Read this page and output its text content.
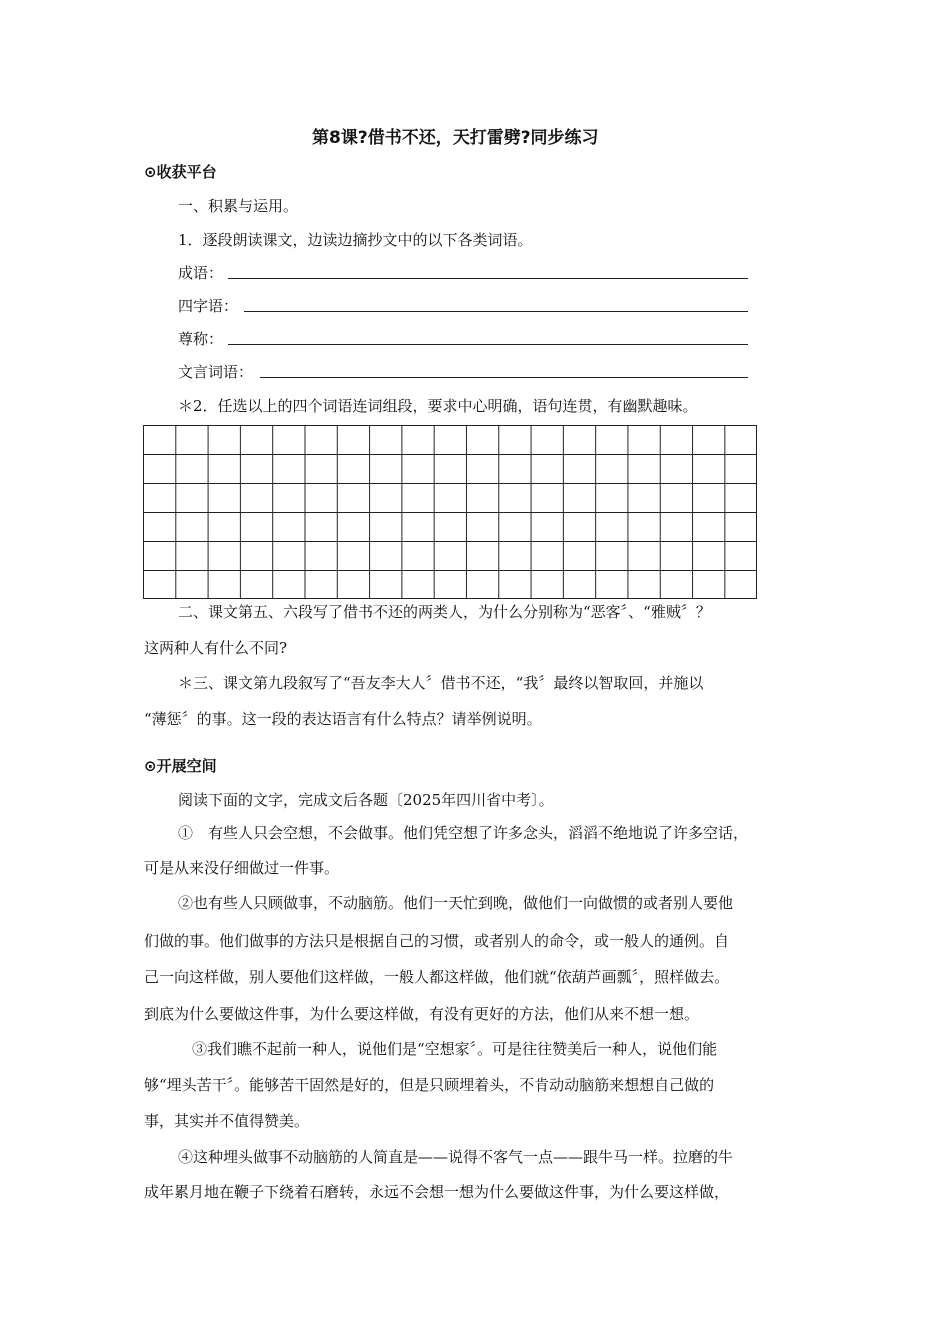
第8课?借书不还，天打雷劈?同步练习
⊙收获平台
一、积累与运用。
1．逐段朗读课文，边读边摘抄文中的以下各类词语。
成语：
四字语：
尊称：
文言词语：
＊2．任选以上的四个词语连词组段，要求中心明确，语句连贯，有幽默趣味。
二、课文第五、六段写了借书不还的两类人，为什么分别称为“恶客〞、“雅贼〞？
这两种人有什么不同?
＊三、课文第九段叙写了“吾友李大人〞借书不还，“我〞最终以智取回，并施以
“薄惩〞的事。这一段的表达语言有什么特点？请举例说明。
⊙开展空间
阅读下面的文字，完成文后各题〔2025年四川省中考〕。
①　有些人只会空想，不会做事。他们凭空想了许多念头，滔滔不绝地说了许多空话，
可是从来没仔细做过一件事。
②也有些人只顾做事，不动脑筋。他们一天忙到晚，做他们一向做惯的或者别人要他
们做的事。他们做事的方法只是根据自己的习惯，或者别人的命令，或一般人的通例。自
己一向这样做，别人要他们这样做，一般人都这样做，他们就“依葫芦画瓢〞，照样做去。
到底为什么要做这件事，为什么要这样做，有没有更好的方法，他们从来不想一想。
③我们瞧不起前一种人，说他们是“空想家〞。可是往往赞美后一种人，说他们能
够“埋头苦干〞。能够苦干固然是好的，但是只顾埋着头，不肯动动脑筋来想想自己做的
事，其实并不值得赞美。
④这种埋头做事不动脑筋的人简直是——说得不客气一点——跟牛马一样。拉磨的牛
成年累月地在鞭子下绕着石磨转，永远不会想一想为什么要做这件事，为什么要这样做，
